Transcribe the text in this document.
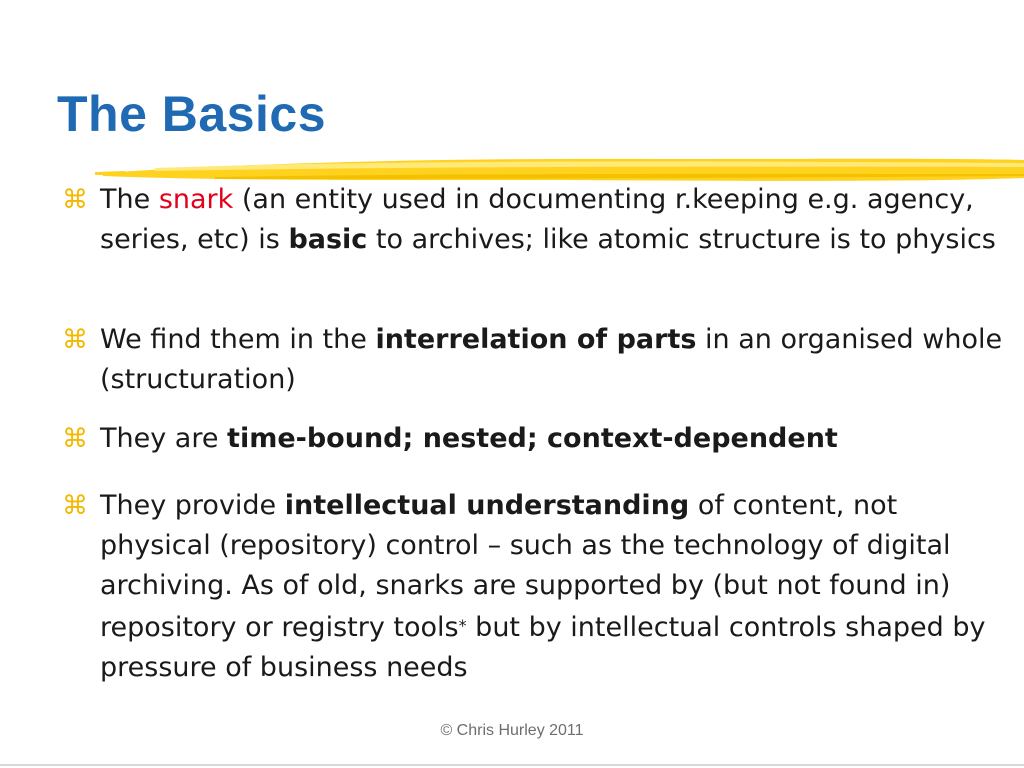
The Basics
⌘ The snark (an entity used in documenting r.keeping e.g. agency, series, etc) is basic to archives; like atomic structure is to physics
⌘ We find them in the interrelation of parts in an organised whole (structuration)
⌘ They are time-bound; nested; context-dependent
⌘ They provide intellectual understanding of content, not physical (repository) control – such as the technology of digital archiving. As of old, snarks are supported by (but not found in) repository or registry tools* but by intellectual controls shaped by pressure of business needs
© Chris Hurley 2011
